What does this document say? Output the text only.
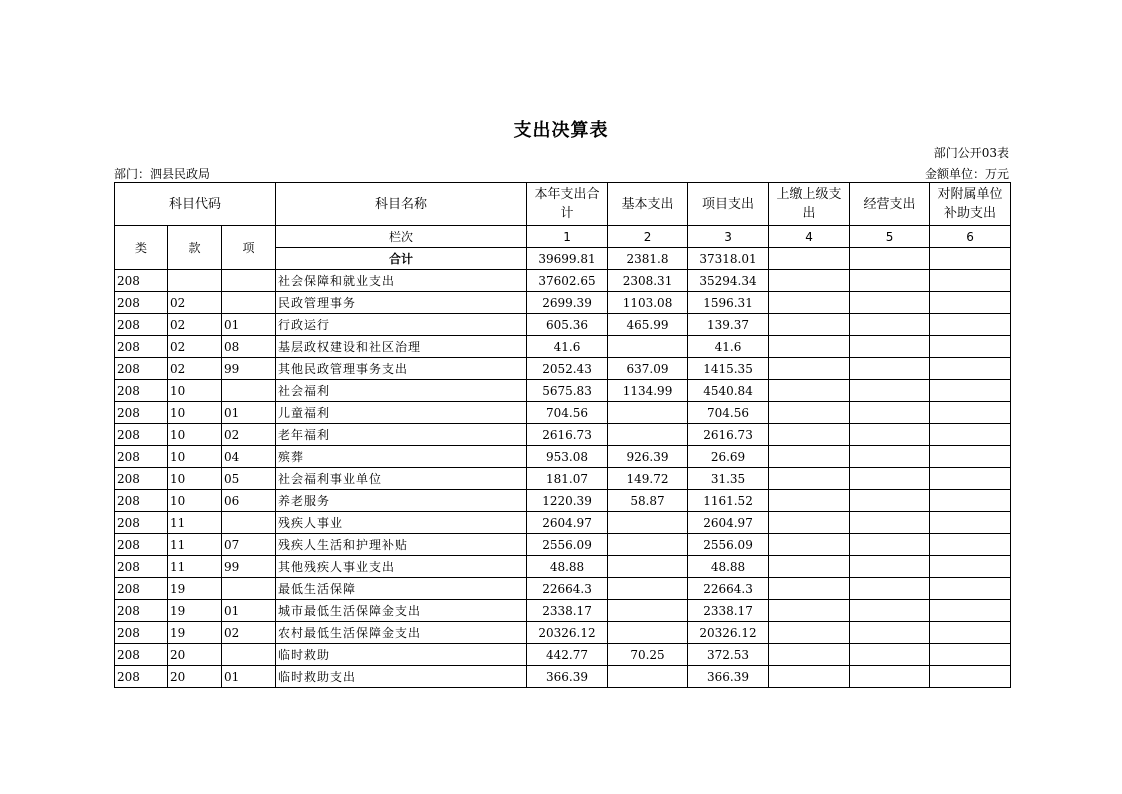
支出决算表
部门公开03表
部门：泗县民政局	金额单位：万元
科目代码			科目名称	本年支出合计	基本支出	项目支出	上缴上级支出	经营支出	对附属单位补助支出
类	款	项	栏次	1	2	3	4	5	6
			合计	39699.81	2381.8	37318.01			
208			社会保障和就业支出	37602.65	2308.31	35294.34			
208	02		民政管理事务	2699.39	1103.08	1596.31			
208	02	01	行政运行	605.36	465.99	139.37			
208	02	08	基层政权建设和社区治理	41.6		41.6			
208	02	99	其他民政管理事务支出	2052.43	637.09	1415.35			
208	10		社会福利	5675.83	1134.99	4540.84			
208	10	01	儿童福利	704.56		704.56			
208	10	02	老年福利	2616.73		2616.73			
208	10	04	殡葬	953.08	926.39	26.69			
208	10	05	社会福利事业单位	181.07	149.72	31.35			
208	10	06	养老服务	1220.39	58.87	1161.52			
208	11		残疾人事业	2604.97		2604.97			
208	11	07	残疾人生活和护理补贴	2556.09		2556.09			
208	11	99	其他残疾人事业支出	48.88		48.88			
208	19		最低生活保障	22664.3		22664.3			
208	19	01	城市最低生活保障金支出	2338.17		2338.17			
208	19	02	农村最低生活保障金支出	20326.12		20326.12			
208	20		临时救助	442.77	70.25	372.53			
208	20	01	临时救助支出	366.39		366.39			
